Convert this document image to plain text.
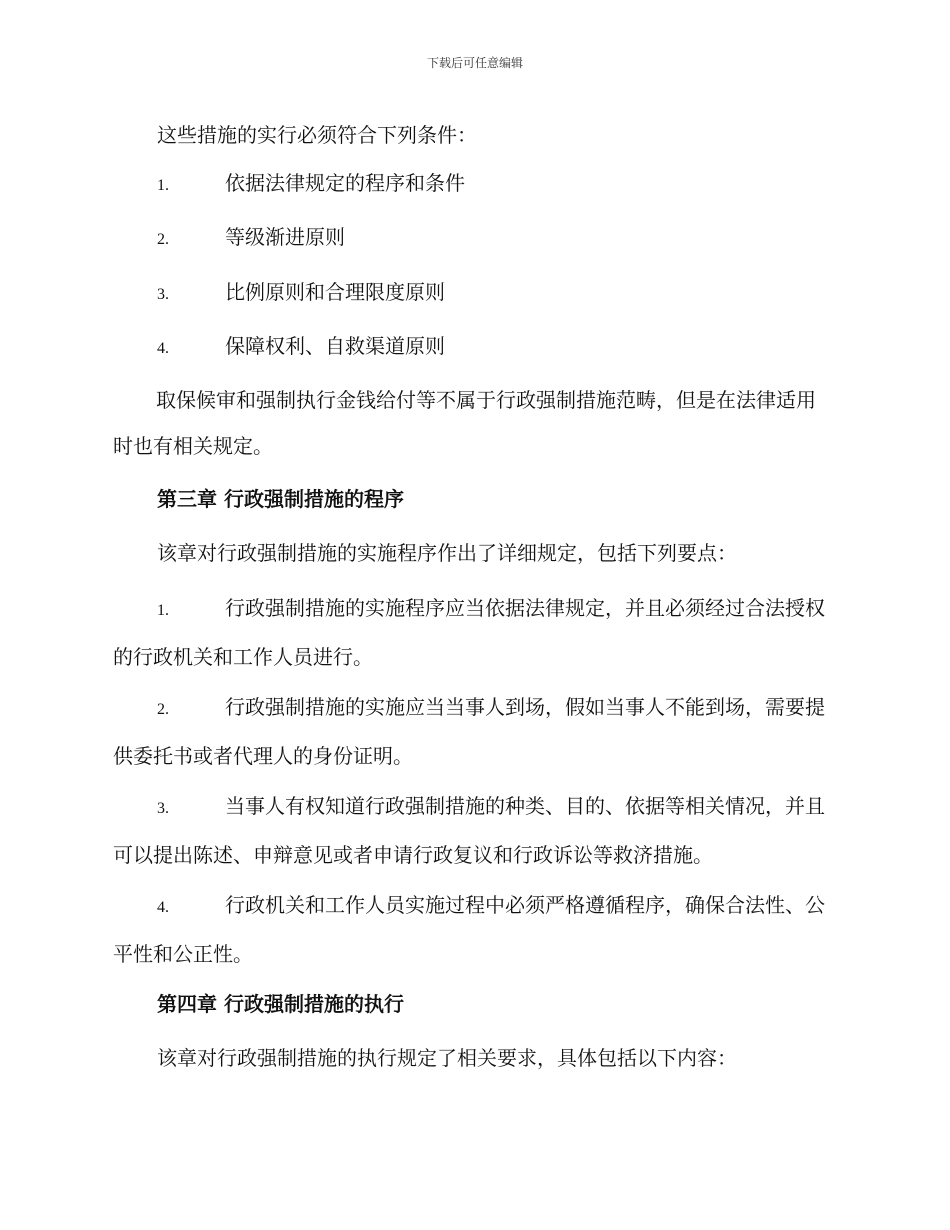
下载后可任意编辑

这些措施的实行必须符合下列条件：

1.	依据法律规定的程序和条件
2.	等级渐进原则
3.	比例原则和合理限度原则
4.	保障权利、自救渠道原则

取保候审和强制执行金钱给付等不属于行政强制措施范畴，但是在法律适用时也有相关规定。

第三章 行政强制措施的程序

该章对行政强制措施的实施程序作出了详细规定，包括下列要点：

1.	行政强制措施的实施程序应当依据法律规定，并且必须经过合法授权的行政机关和工作人员进行。

2.	行政强制措施的实施应当当事人到场，假如当事人不能到场，需要提供委托书或者代理人的身份证明。

3.	当事人有权知道行政强制措施的种类、目的、依据等相关情况，并且可以提出陈述、申辩意见或者申请行政复议和行政诉讼等救济措施。

4.	行政机关和工作人员实施过程中必须严格遵循程序，确保合法性、公平性和公正性。

第四章 行政强制措施的执行

该章对行政强制措施的执行规定了相关要求，具体包括以下内容：
